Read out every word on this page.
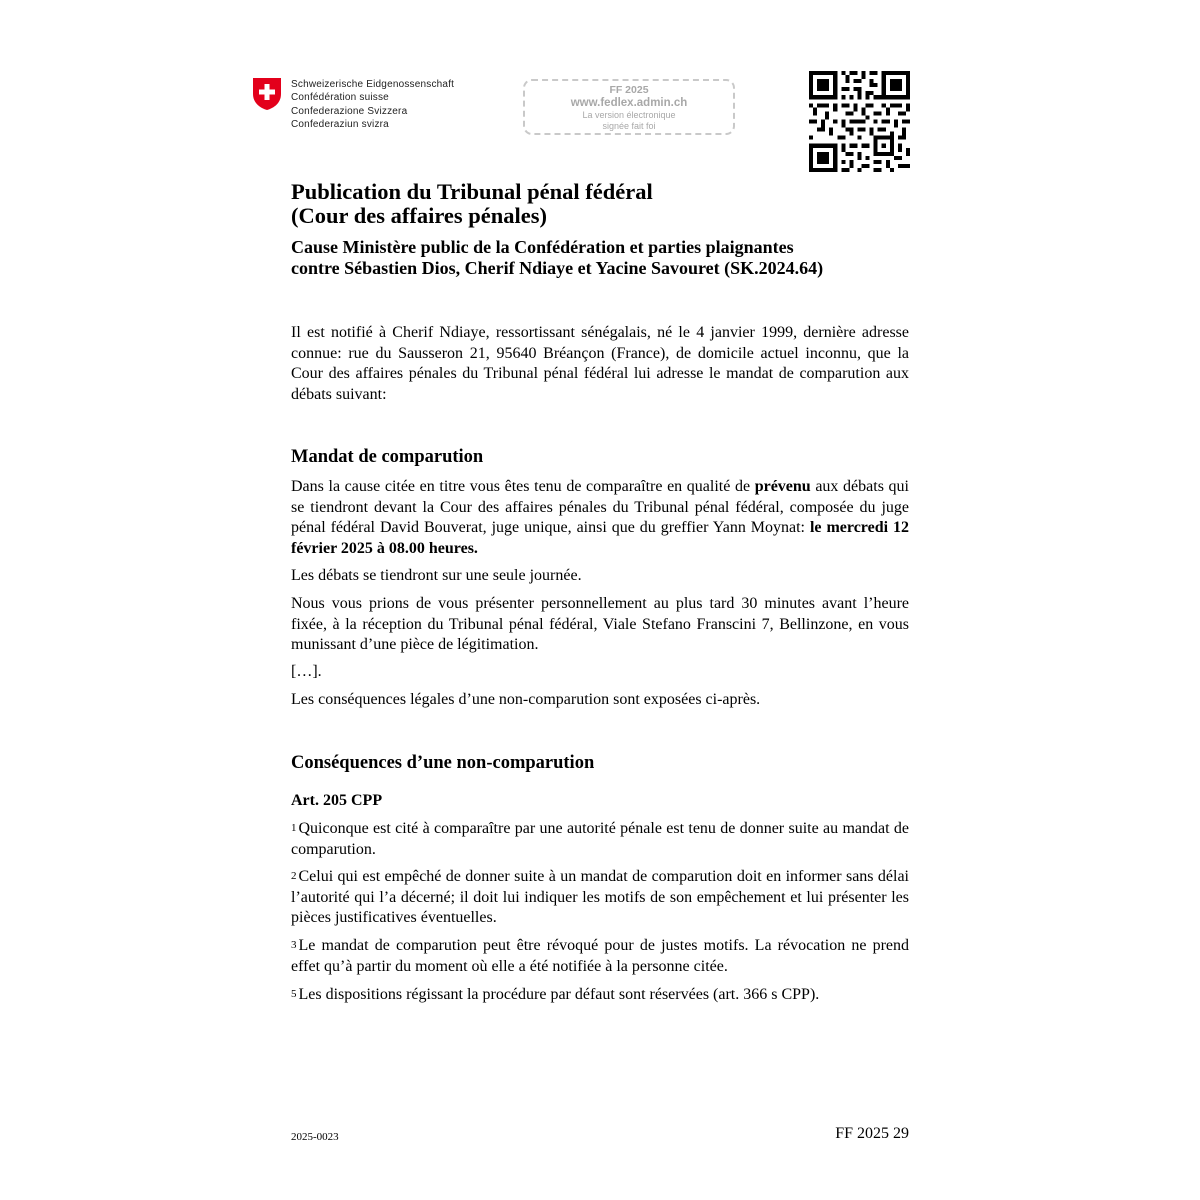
Schweizerische Eidgenossenschaft
Confédération suisse
Confederazione Svizzera
Confederaziun svizra
FF 2025
www.fedlex.admin.ch
La version électronique
signée fait foi
Publication du Tribunal pénal fédéral
(Cour des affaires pénales)
Cause Ministère public de la Confédération et parties plaignantes
contre Sébastien Dios, Cherif Ndiaye et Yacine Savouret (SK.2024.64)

Il est notifié à Cherif Ndiaye, ressortissant sénégalais, né le 4 janvier 1999, dernière adresse connue: rue du Sausseron 21, 95640 Bréançon (France), de domicile actuel inconnu, que la Cour des affaires pénales du Tribunal pénal fédéral lui adresse le mandat de comparution aux débats suivant:

Mandat de comparution

Dans la cause citée en titre vous êtes tenu de comparaître en qualité de prévenu aux débats qui se tiendront devant la Cour des affaires pénales du Tribunal pénal fédéral, composée du juge pénal fédéral David Bouverat, juge unique, ainsi que du greffier Yann Moynat: le mercredi 12 février 2025 à 08.00 heures.

Les débats se tiendront sur une seule journée.

Nous vous prions de vous présenter personnellement au plus tard 30 minutes avant l’heure fixée, à la réception du Tribunal pénal fédéral, Viale Stefano Franscini 7, Bellinzone, en vous munissant d’une pièce de légitimation.

[…].

Les conséquences légales d’une non-comparution sont exposées ci-après.

Conséquences d’une non-comparution
Art. 205 CPP

$^1$ Quiconque est cité à comparaître par une autorité pénale est tenu de donner suite au mandat de comparution.

$^2$ Celui qui est empêché de donner suite à un mandat de comparution doit en informer sans délai l’autorité qui l’a décerné; il doit lui indiquer les motifs de son empêchement et lui présenter les pièces justificatives éventuelles.

$^3$ Le mandat de comparution peut être révoqué pour de justes motifs. La révocation ne prend effet qu’à partir du moment où elle a été notifiée à la personne citée.

$^5$ Les dispositions régissant la procédure par défaut sont réservées (art. 366 s CPP).

2025-0023	FF 2025 29
